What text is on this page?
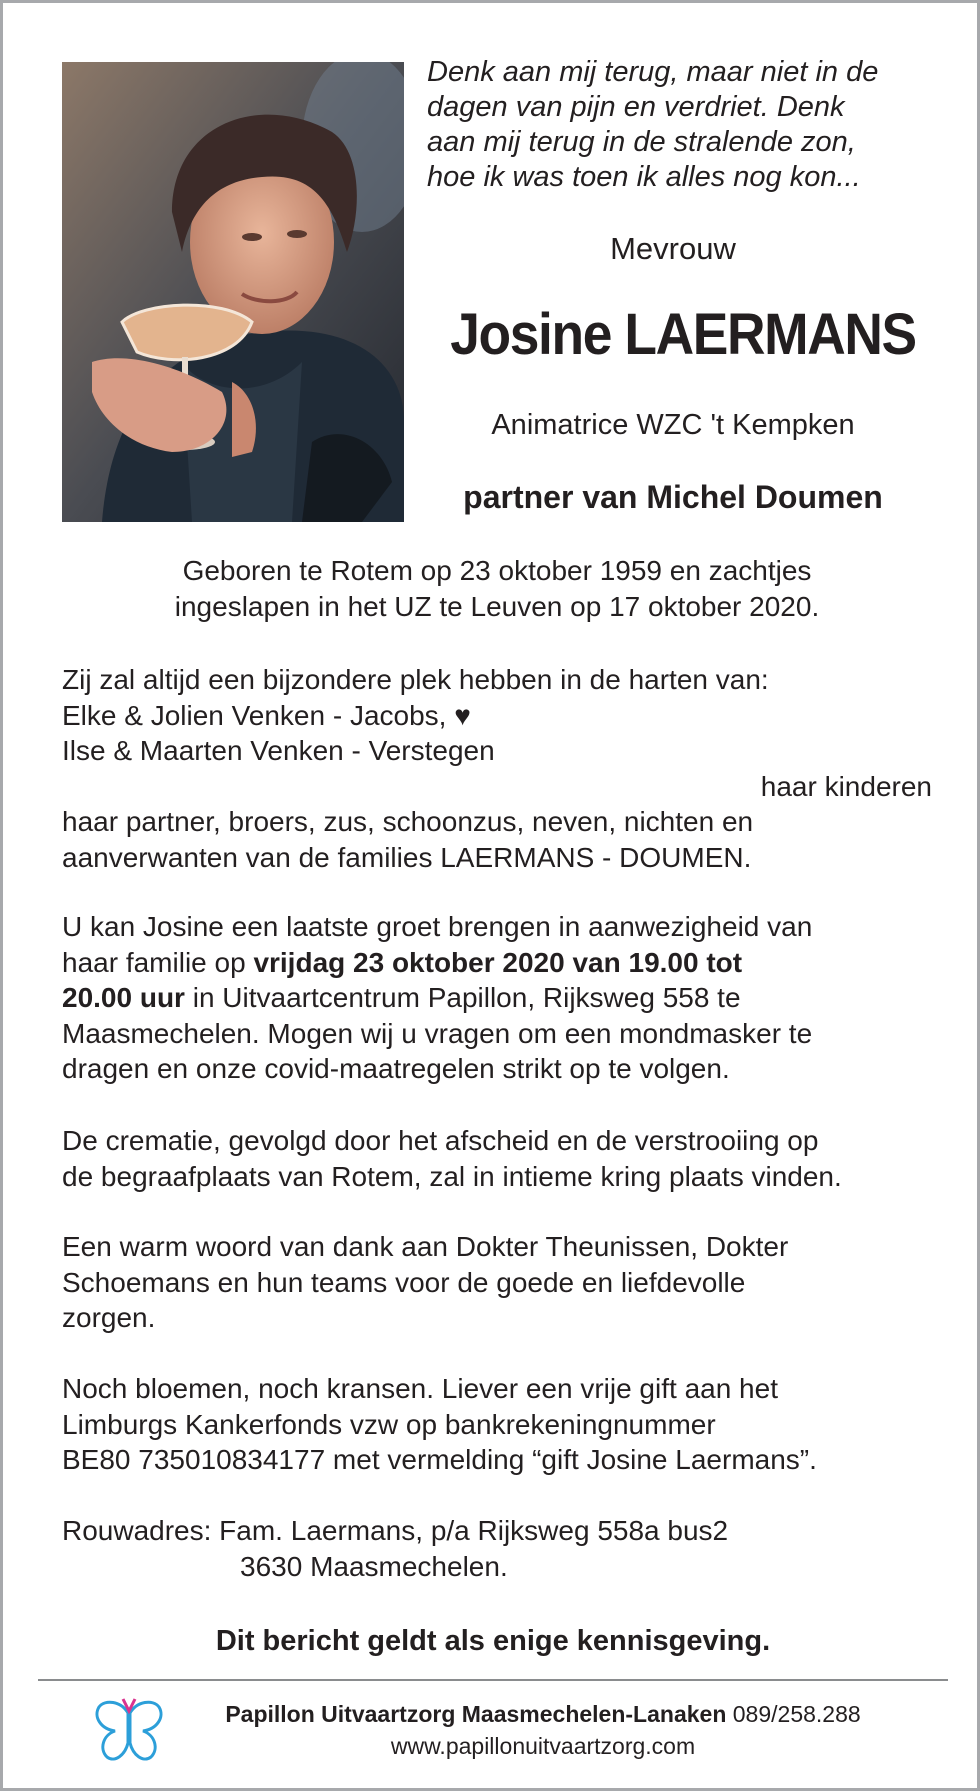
Denk aan mij terug, maar niet in de
dagen van pijn en verdriet. Denk
aan mij terug in de stralende zon,
hoe ik was toen ik alles nog kon...
Mevrouw
Josine LAERMANS
Animatrice WZC 't Kempken
partner van Michel Doumen
Geboren te Rotem op 23 oktober 1959 en zachtjes
ingeslapen in het UZ te Leuven op 17 oktober 2020.
Zij zal altijd een bijzondere plek hebben in de harten van:
Elke & Jolien Venken - Jacobs, ♥
Ilse & Maarten Venken - Verstegen
haar kinderen
haar partner, broers, zus, schoonzus, neven, nichten en
aanverwanten van de families LAERMANS - DOUMEN.
U kan Josine een laatste groet brengen in aanwezigheid van
haar familie op vrijdag 23 oktober 2020 van 19.00 tot
20.00 uur in Uitvaartcentrum Papillon, Rijksweg 558 te
Maasmechelen. Mogen wij u vragen om een mondmasker te
dragen en onze covid-maatregelen strikt op te volgen.
De crematie, gevolgd door het afscheid en de verstrooiing op
de begraafplaats van Rotem, zal in intieme kring plaats vinden.
Een warm woord van dank aan Dokter Theunissen, Dokter
Schoemans en hun teams voor de goede en liefdevolle
zorgen.
Noch bloemen, noch kransen. Liever een vrije gift aan het
Limburgs Kankerfonds vzw op bankrekeningnummer
BE80 735010834177 met vermelding “gift Josine Laermans”.
Rouwadres: Fam. Laermans, p/a Rijksweg 558a bus2
3630 Maasmechelen.
Dit bericht geldt als enige kennisgeving.
Papillon Uitvaartzorg Maasmechelen-Lanaken 089/258.288
www.papillonuitvaartzorg.com
